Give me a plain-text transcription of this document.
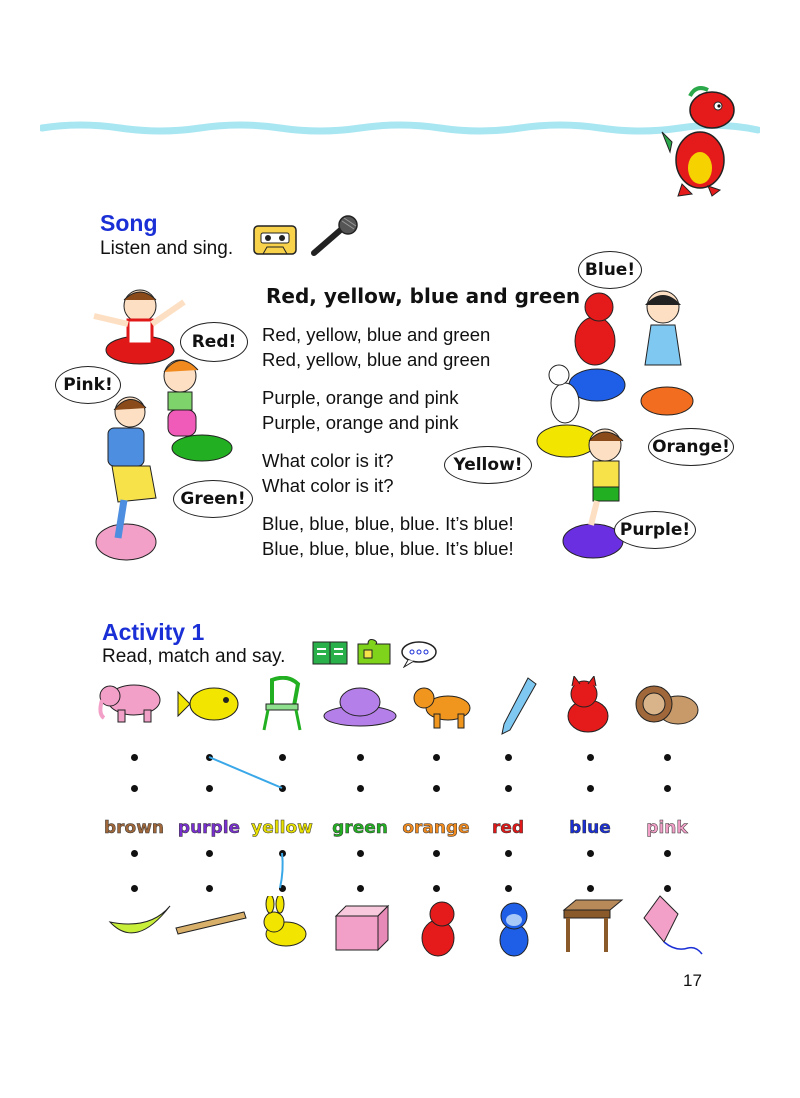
Song
Listen and sing.
Red, yellow, blue and green
Red, yellow, blue and green
Red, yellow, blue and green
Purple, orange and pink
Purple, orange and pink
What color is it?
What color is it?
Blue, blue, blue, blue. It’s blue!
Blue, blue, blue, blue. It’s blue!
Red!
Pink!
Green!
Blue!
Orange!
Yellow!
Purple!
Activity 1
Read, match and say.
brown purple yellow	green orange	red	blue	pink
17
